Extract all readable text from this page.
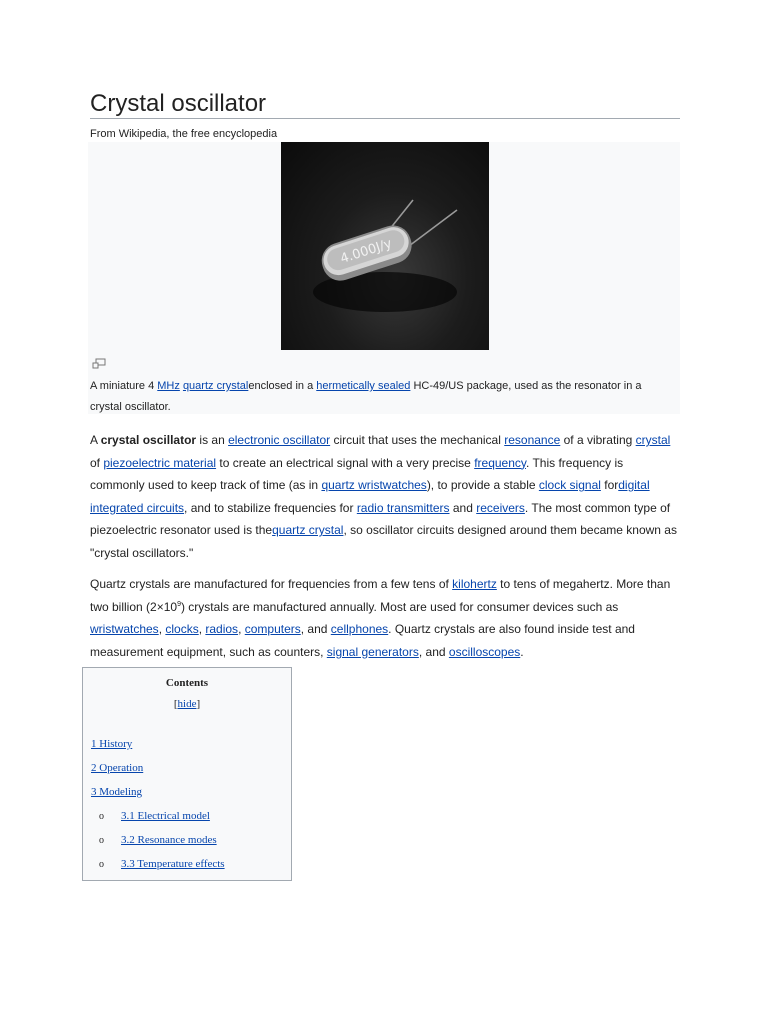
Crystal oscillator
From Wikipedia, the free encyclopedia
4.000J/y
A miniature 4 MHz quartz crystalenclosed in a hermetically sealed HC-49/US package, used as the resonator in a crystal oscillator.

A crystal oscillator is an electronic oscillator circuit that uses the mechanical resonance of a vibrating crystal of piezoelectric material to create an electrical signal with a very precise frequency. This frequency is commonly used to keep track of time (as in quartz wristwatches), to provide a stable clock signal fordigital integrated circuits, and to stabilize frequencies for radio transmitters and receivers. The most common type of piezoelectric resonator used is thequartz crystal, so oscillator circuits designed around them became known as "crystal oscillators."

Quartz crystals are manufactured for frequencies from a few tens of kilohertz to tens of megahertz. More than two billion $(2\times 10^9)$ crystals are manufactured annually. Most are used for consumer devices such as wristwatches, clocks, radios, computers, and cellphones. Quartz crystals are also found inside test and measurement equipment, such as counters, signal generators, and oscilloscopes.

Contents
[hide]
1 History
2 Operation
3 Modeling
o 3.1 Electrical model
o 3.2 Resonance modes
o 3.3 Temperature effects
